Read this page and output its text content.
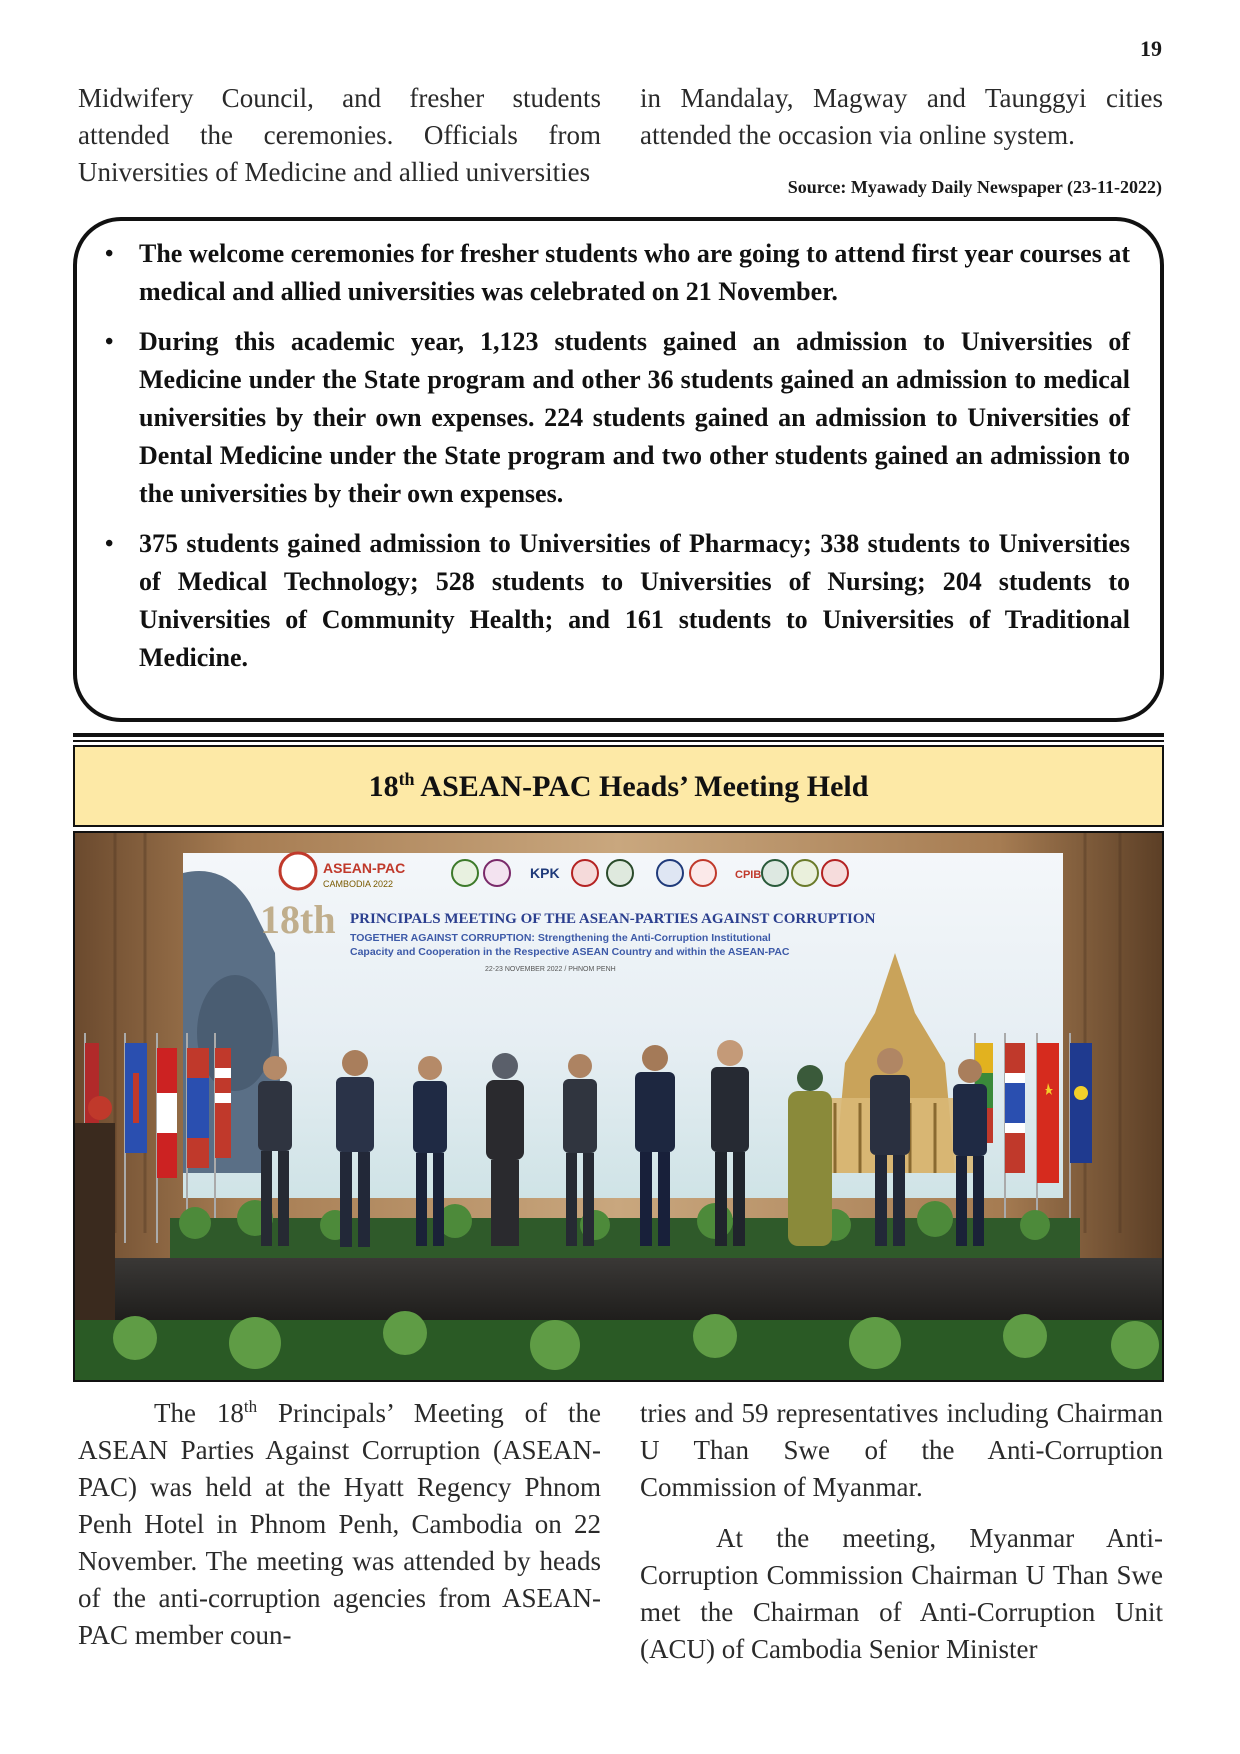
19

Midwifery Council, and fresher students attended the ceremonies. Officials from Universities of Medicine and allied universities

in Mandalay, Magway and Taunggyi cities attended the occasion via online system.

Source: Myawady Daily Newspaper (23-11-2022)
• The welcome ceremonies for fresher students who are going to attend first year courses at medical and allied universities was celebrated on 21 November.
• During this academic year, 1,123 students gained an admission to Universities of Medicine under the State program and other 36 students gained an admission to medical universities by their own expenses. 224 students gained an admission to Universities of Dental Medicine under the State program and two other students gained an admission to the universities by their own expenses.
• 375 students gained admission to Universities of Pharmacy; 338 students to Universities of Medical Technology; 528 students to Universities of Nursing; 204 students to Universities of Community Health; and 161 students to Universities of Traditional Medicine.
18th ASEAN-PAC Heads’ Meeting Held
ASEAN-PAC
CAMBODIA 2022
KPK	CPIB
18th PRINCIPALS MEETING OF THE ASEAN-PARTIES AGAINST CORRUPTION
TOGETHER AGAINST CORRUPTION: Strengthening the Anti-Corruption Institutional
Capacity and Cooperation in the Respective ASEAN Country and within the ASEAN-PAC
22-23 NOVEMBER 2022 / PHNOM PENH

The 18th Principals’ Meeting of the ASEAN Parties Against Corruption (ASEAN-PAC) was held at the Hyatt Regency Phnom Penh Hotel in Phnom Penh, Cambodia on 22 November. The meeting was attended by heads of the anti-corruption agencies from ASEAN-PAC member coun-

tries and 59 representatives including Chairman U Than Swe of the Anti-Corruption Commission of Myanmar.

At the meeting, Myanmar Anti-Corruption Commission Chairman U Than Swe met the Chairman of Anti-Corruption Unit (ACU) of Cambodia Senior Minister
